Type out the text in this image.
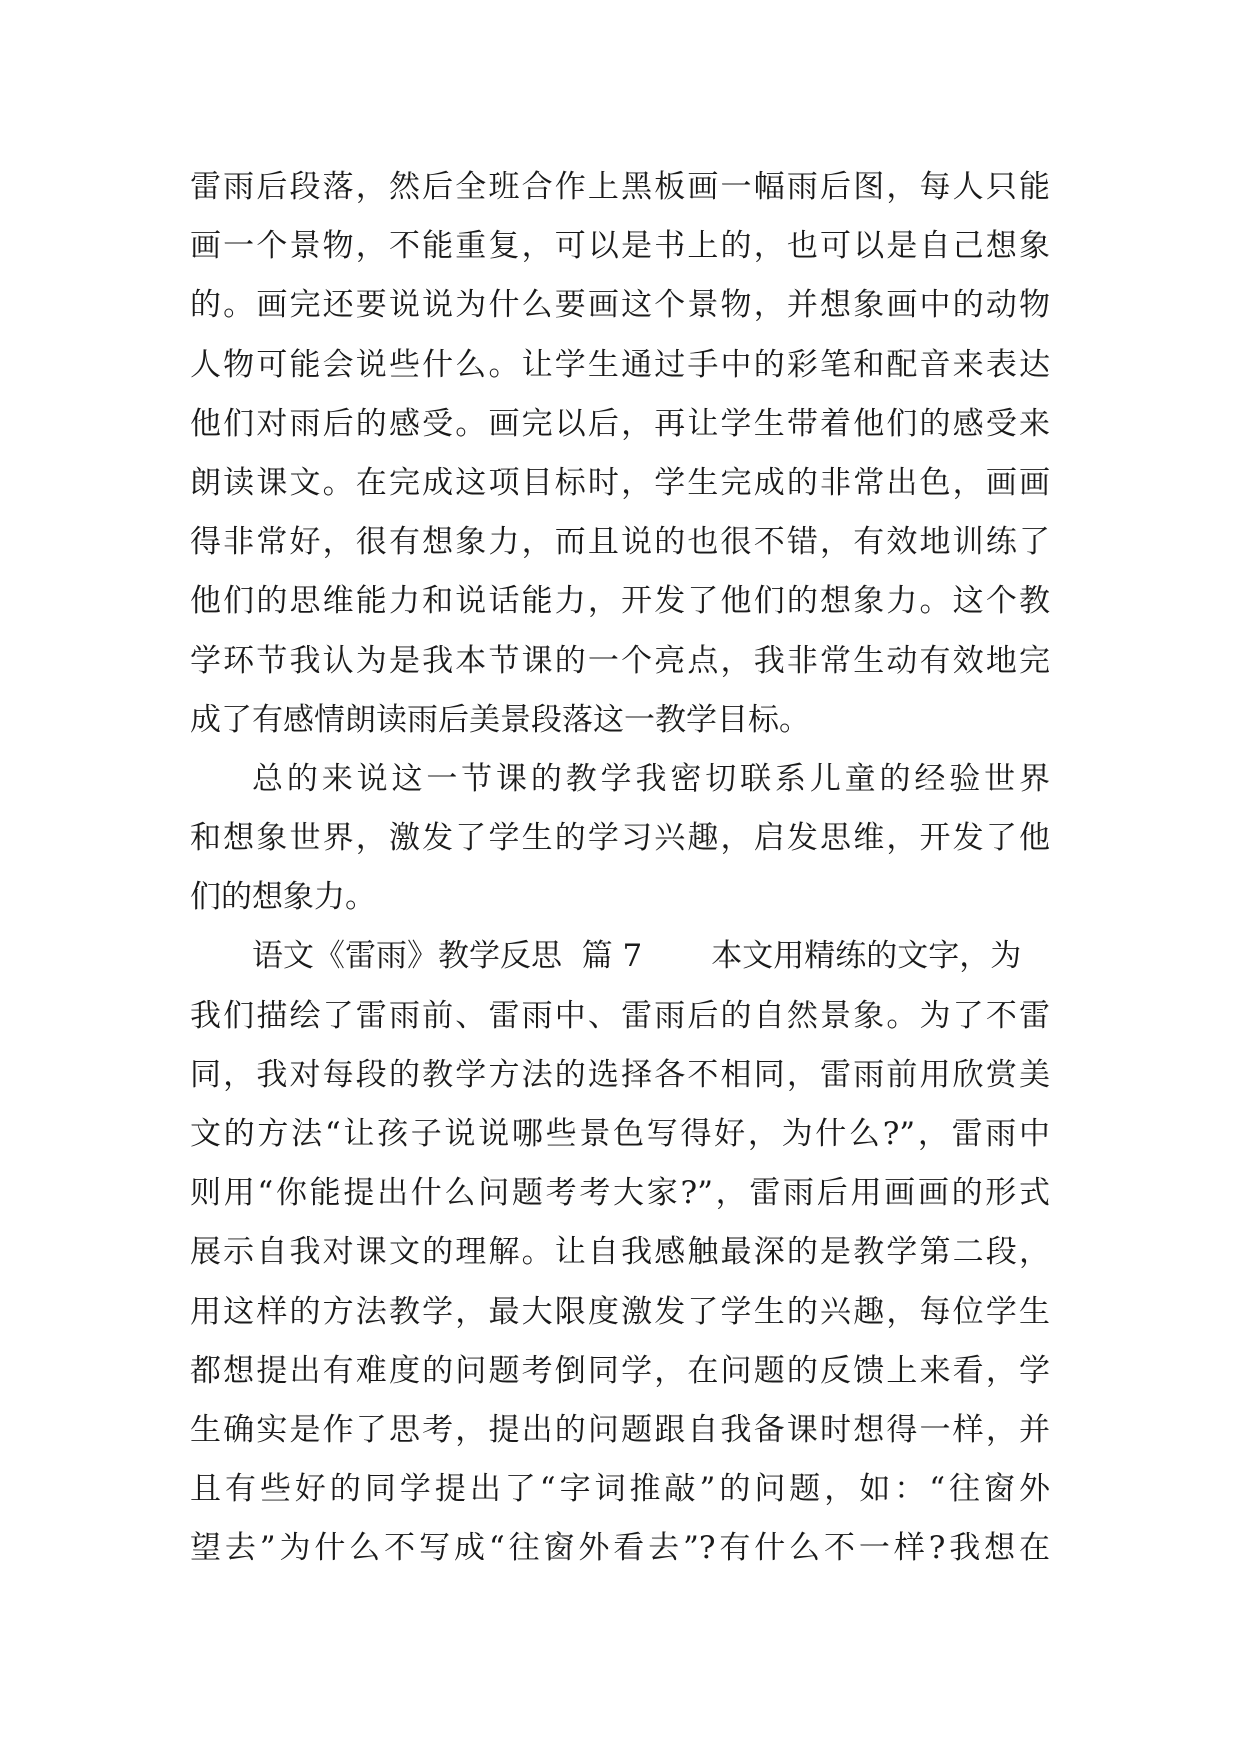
雷雨后段落，然后全班合作上黑板画一幅雨后图，每人只能
画一个景物，不能重复，可以是书上的，也可以是自己想象
的。画完还要说说为什么要画这个景物，并想象画中的动物
人物可能会说些什么。让学生通过手中的彩笔和配音来表达
他们对雨后的感受。画完以后，再让学生带着他们的感受来
朗读课文。在完成这项目标时，学生完成的非常出色，画画
得非常好，很有想象力，而且说的也很不错，有效地训练了
他们的思维能力和说话能力，开发了他们的想象力。这个教
学环节我认为是我本节课的一个亮点，我非常生动有效地完
成了有感情朗读雨后美景段落这一教学目标。
总的来说这一节课的教学我密切联系儿童的经验世界
和想象世界，激发了学生的学习兴趣，启发思维，开发了他
们的想象力。
语文《雷雨》教学反思  篇 7       本文用精练的文字，为
我们描绘了雷雨前、雷雨中、雷雨后的自然景象。为了不雷
同，我对每段的教学方法的选择各不相同，雷雨前用欣赏美
文的方法“让孩子说说哪些景色写得好，为什么?”，雷雨中
则用“你能提出什么问题考考大家?”，雷雨后用画画的形式
展示自我对课文的理解。让自我感触最深的是教学第二段，
用这样的方法教学，最大限度激发了学生的兴趣，每位学生
都想提出有难度的问题考倒同学，在问题的反馈上来看，学
生确实是作了思考，提出的问题跟自我备课时想得一样，并
且有些好的同学提出了“字词推敲”的问题，如：“往窗外
望去”为什么不写成“往窗外看去”?有什么不一样?我想在
